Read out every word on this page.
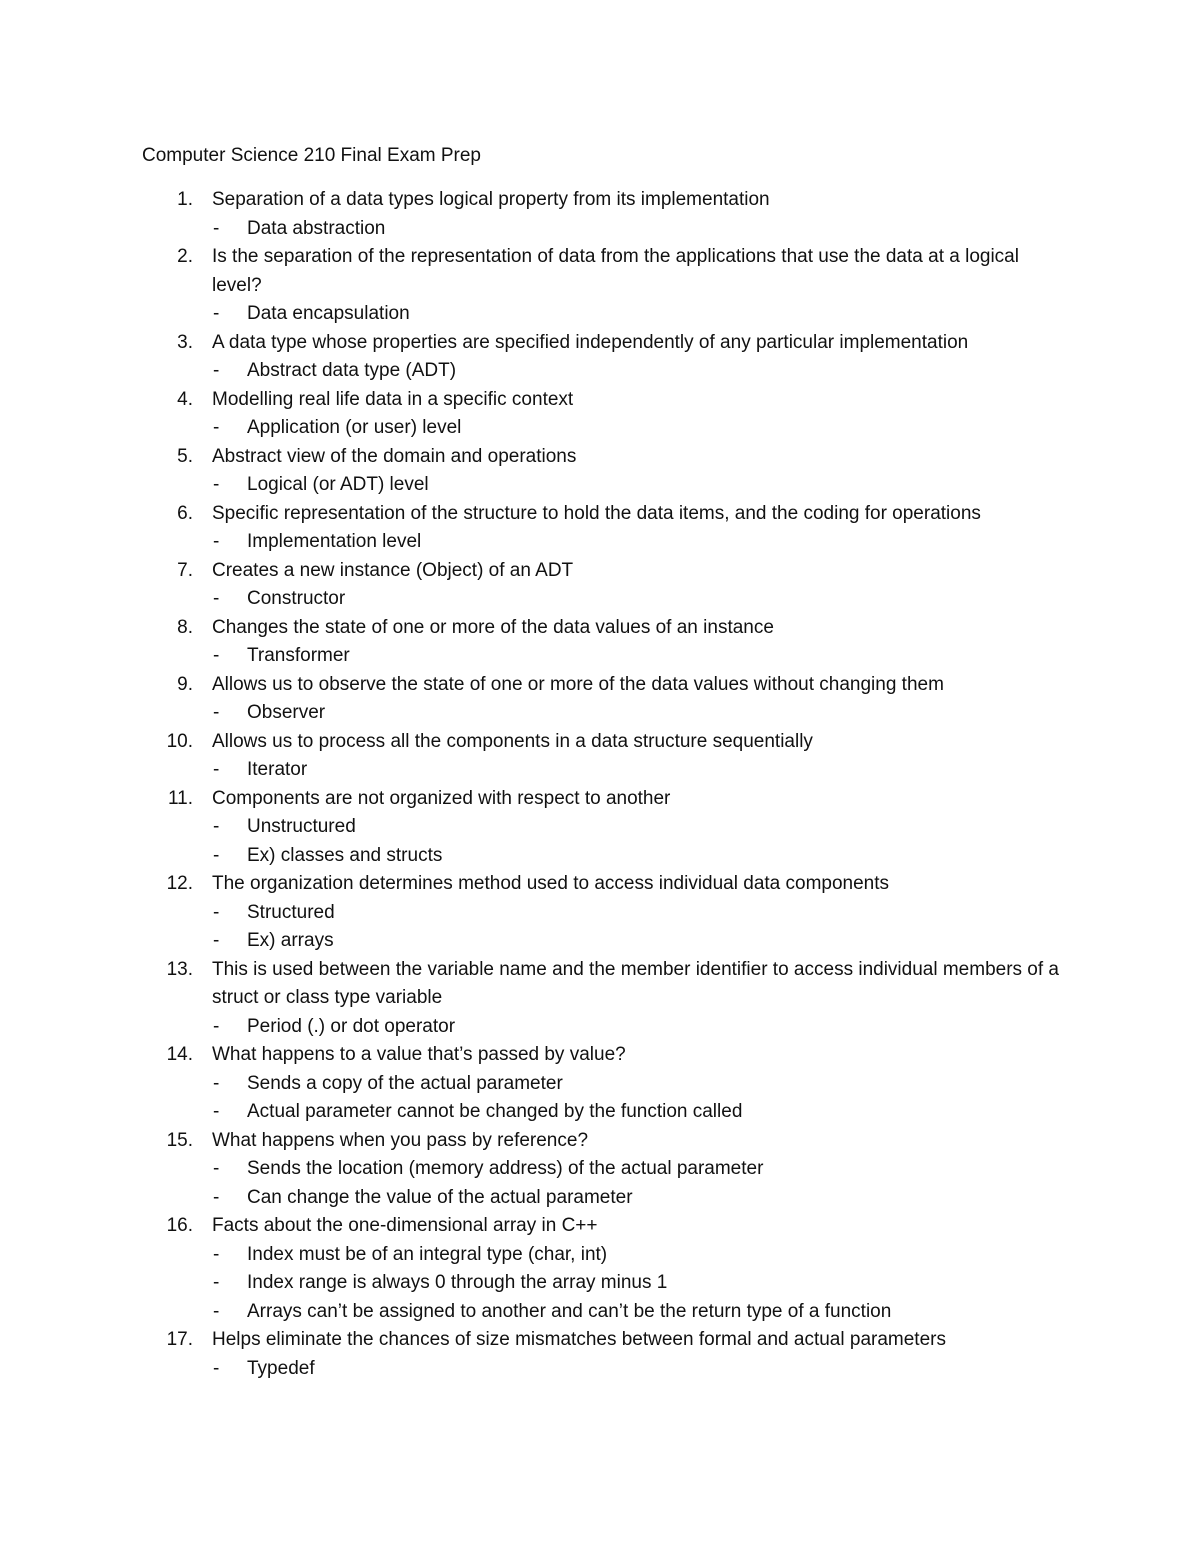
Computer Science 210 Final Exam Prep
1. Separation of a data types logical property from its implementation
- Data abstraction
2. Is the separation of the representation of data from the applications that use the data at a logical level?
- Data encapsulation
3. A data type whose properties are specified independently of any particular implementation
- Abstract data type (ADT)
4. Modelling real life data in a specific context
- Application (or user) level
5. Abstract view of the domain and operations
- Logical (or ADT) level
6. Specific representation of the structure to hold the data items, and the coding for operations
- Implementation level
7. Creates a new instance (Object) of an ADT
- Constructor
8. Changes the state of one or more of the data values of an instance
- Transformer
9. Allows us to observe the state of one or more of the data values without changing them
- Observer
10. Allows us to process all the components in a data structure sequentially
- Iterator
11. Components are not organized with respect to another
- Unstructured
- Ex) classes and structs
12. The organization determines method used to access individual data components
- Structured
- Ex) arrays
13. This is used between the variable name and the member identifier to access individual members of a struct or class type variable
- Period (.) or dot operator
14. What happens to a value that’s passed by value?
- Sends a copy of the actual parameter
- Actual parameter cannot be changed by the function called
15. What happens when you pass by reference?
- Sends the location (memory address) of the actual parameter
- Can change the value of the actual parameter
16. Facts about the one-dimensional array in C++
- Index must be of an integral type (char, int)
- Index range is always 0 through the array minus 1
- Arrays can’t be assigned to another and can’t be the return type of a function
17. Helps eliminate the chances of size mismatches between formal and actual parameters
- Typedef
